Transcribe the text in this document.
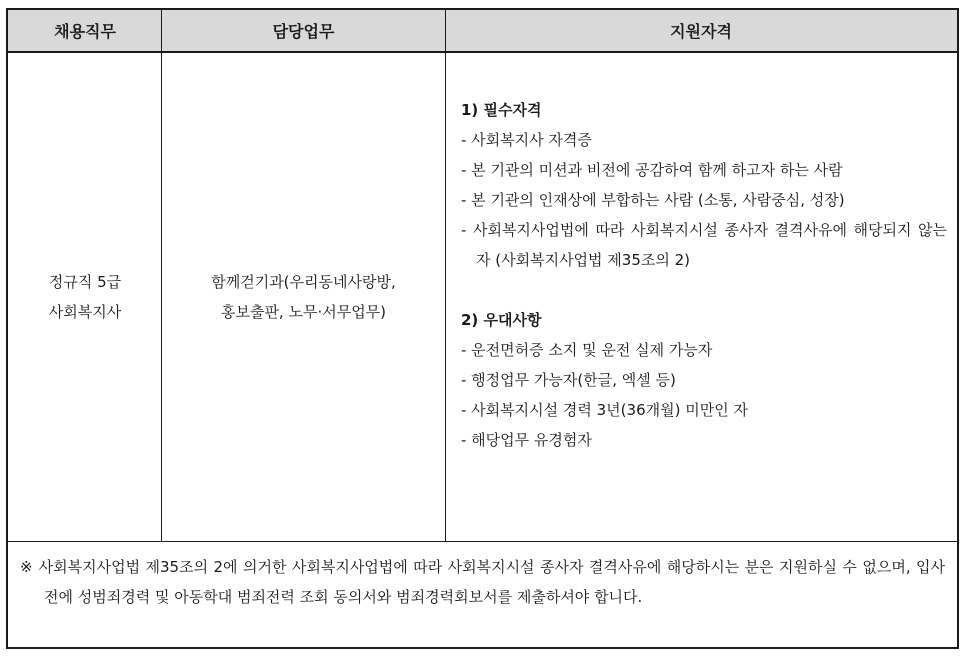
채용직무	담당업무	지원자격
정규직 5급
사회복지사
함께걷기과(우리동네사랑방,
홍보출판, 노무·서무업무)
1) 필수자격
- 사회복지사 자격증
- 본 기관의 미션과 비전에 공감하여 함께 하고자 하는 사람
- 본 기관의 인재상에 부합하는 사람 (소통, 사람중심, 성장)
- 사회복지사업법에 따라 사회복지시설 종사자 결격사유에 해당되지 않는 자 (사회복지사업법 제35조의 2)
2) 우대사항
- 운전면허증 소지 및 운전 실제 가능자
- 행정업무 가능자(한글, 엑셀 등)
- 사회복지시설 경력 3년(36개월) 미만인 자
- 해당업무 유경험자
※ 사회복지사업법 제35조의 2에 의거한 사회복지사업법에 따라 사회복지시설 종사자 결격사유에 해당하시는 분은 지원하실 수 없으며, 입사전에 성범죄경력 및 아동학대 범죄전력 조회 동의서와 범죄경력회보서를 제출하셔야 합니다.
